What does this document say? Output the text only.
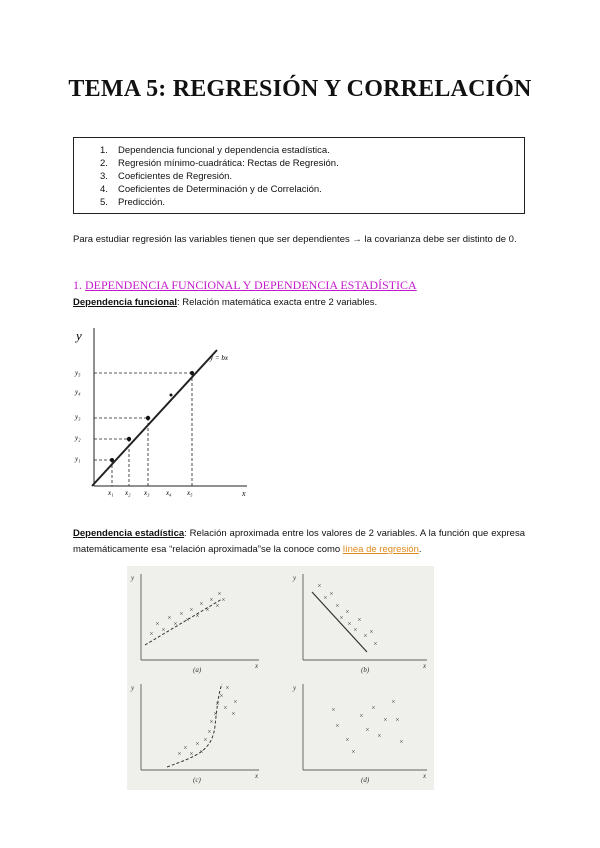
TEMA 5: REGRESIÓN Y CORRELACIÓN
1. Dependencia funcional y dependencia estadística.
2. Regresión mínimo-cuadrática: Rectas de Regresión.
3. Coeficientes de Regresión.
4. Coeficientes de Determinación y de Correlación.
5. Predicción.
Para estudiar regresión las variables tienen que ser dependientes → la covarianza debe ser distinto de 0.
1. DEPENDENCIA FUNCIONAL Y DEPENDENCIA ESTADÍSTICA
Dependencia funcional: Relación matemática exacta entre 2 variables.
y
x
y = bx
y₅
y₄
y₃
y₂
y₁
x₁ x₂ x₃ x₄ x₅
Dependencia estadística: Relación aproximada entre los valores de 2 variables. A la función que expresa matemáticamente esa “relación aproximada”se la conoce como línea de regresión.
×
×
×
×
×
×
×
×
×
×
×
×
×
×
×
×
× ×
×
×
×
×
×
×
× ×
×
×
×
×
×
×
×
×
×
×
×
×
×
×
×
×
×
×
×
×
×
×
×
×
×
×
×
×
y
x
y
x
y
x
y
x
(a)	(b)
(c)	(d)
